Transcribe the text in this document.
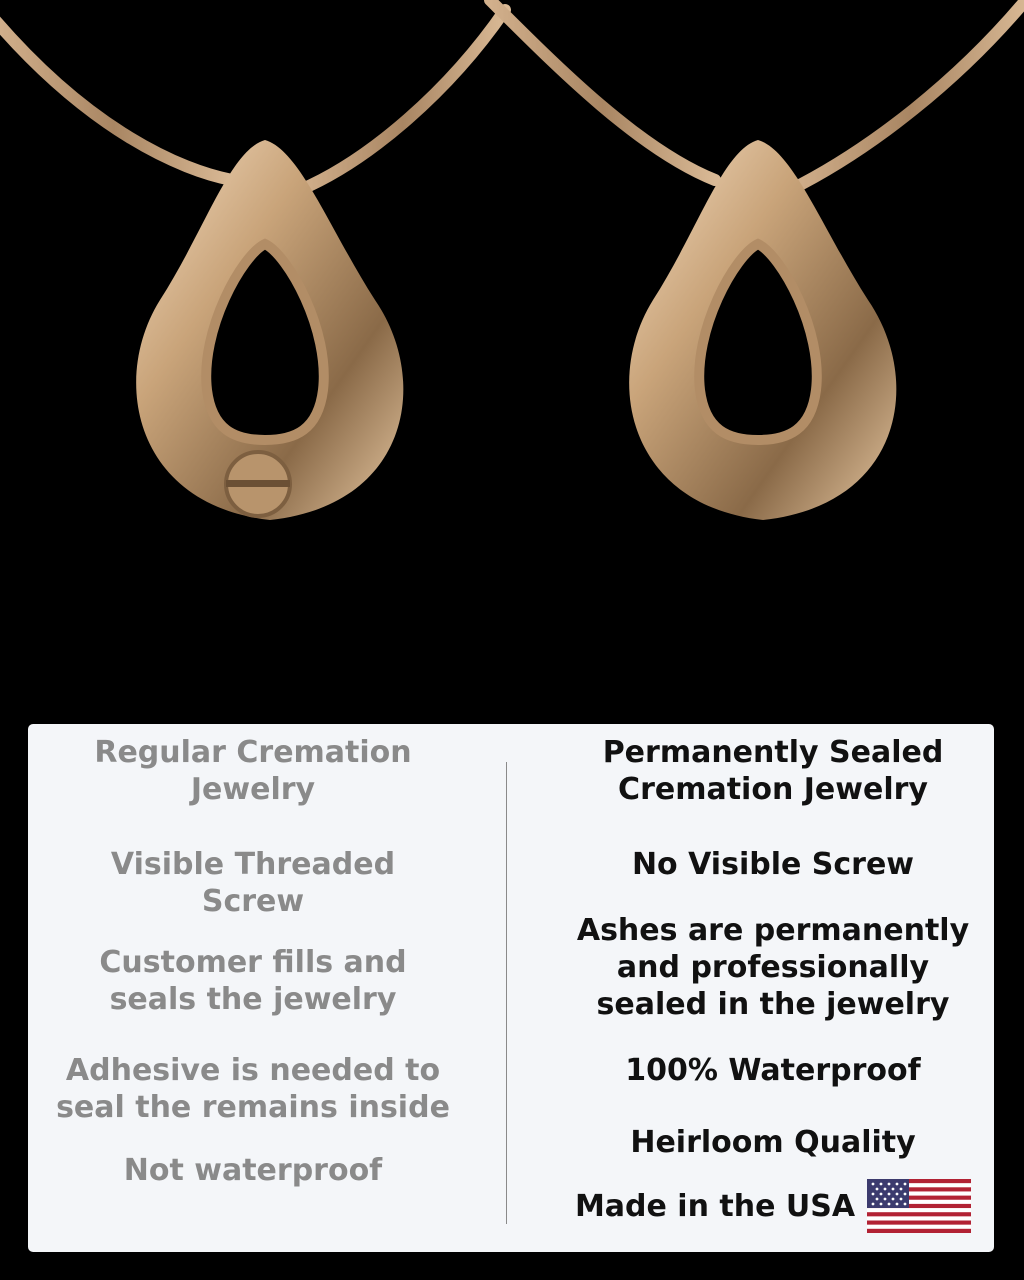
Regular Cremation
Jewelry
Visible Threaded
Screw
Customer fills and
seals the jewelry
Adhesive is needed to
seal the remains inside
Not waterproof
Permanently Sealed
Cremation Jewelry
No Visible Screw
Ashes are permanently
and professionally
sealed in the jewelry
100% Waterproof
Heirloom Quality
Made in the USA
